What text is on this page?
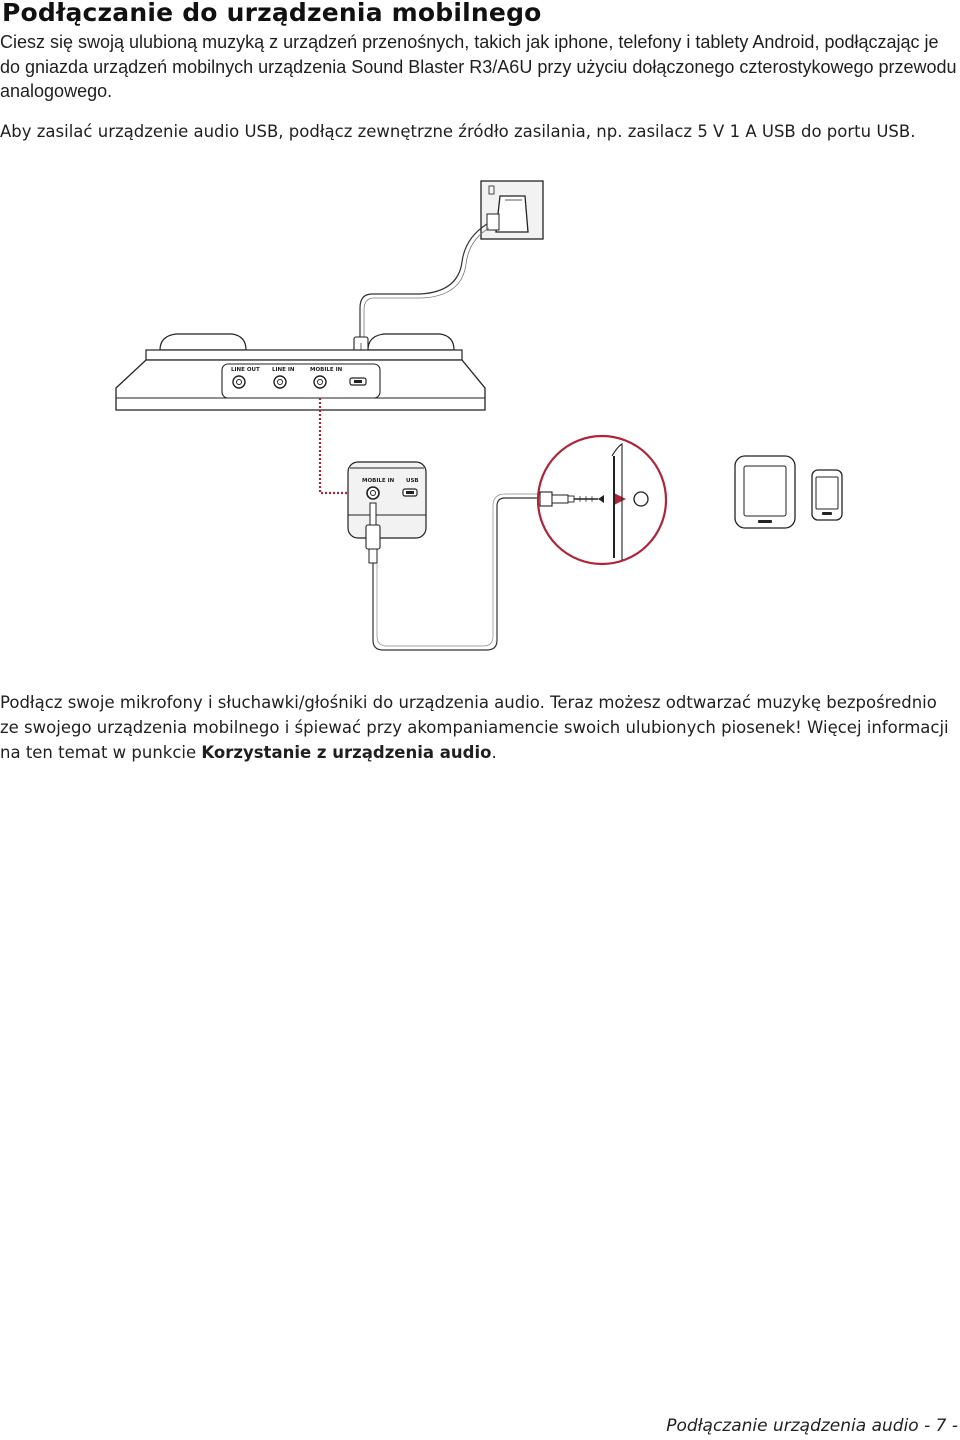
Podłączanie do urządzenia mobilnego
Ciesz się swoją ulubioną muzyką z urządzeń przenośnych, takich jak iphone, telefony i tablety Android, podłączając je do gniazda urządzeń mobilnych urządzenia Sound Blaster R3/A6U przy użyciu dołączonego czterostykowego przewodu analogowego.
Aby zasilać urządzenie audio USB, podłącz zewnętrzne źródło zasilania, np. zasilacz 5 V 1 A USB do portu USB.
LINE OUT LINE IN	MOBILE IN
MOBILE IN USB
Podłącz swoje mikrofony i słuchawki/głośniki do urządzenia audio. Teraz możesz odtwarzać muzykę bezpośrednio ze swojego urządzenia mobilnego i śpiewać przy akompaniamencie swoich ulubionych piosenek! Więcej informacji na ten temat w punkcie Korzystanie z urządzenia audio.
Podłączanie urządzenia audio - 7 -
